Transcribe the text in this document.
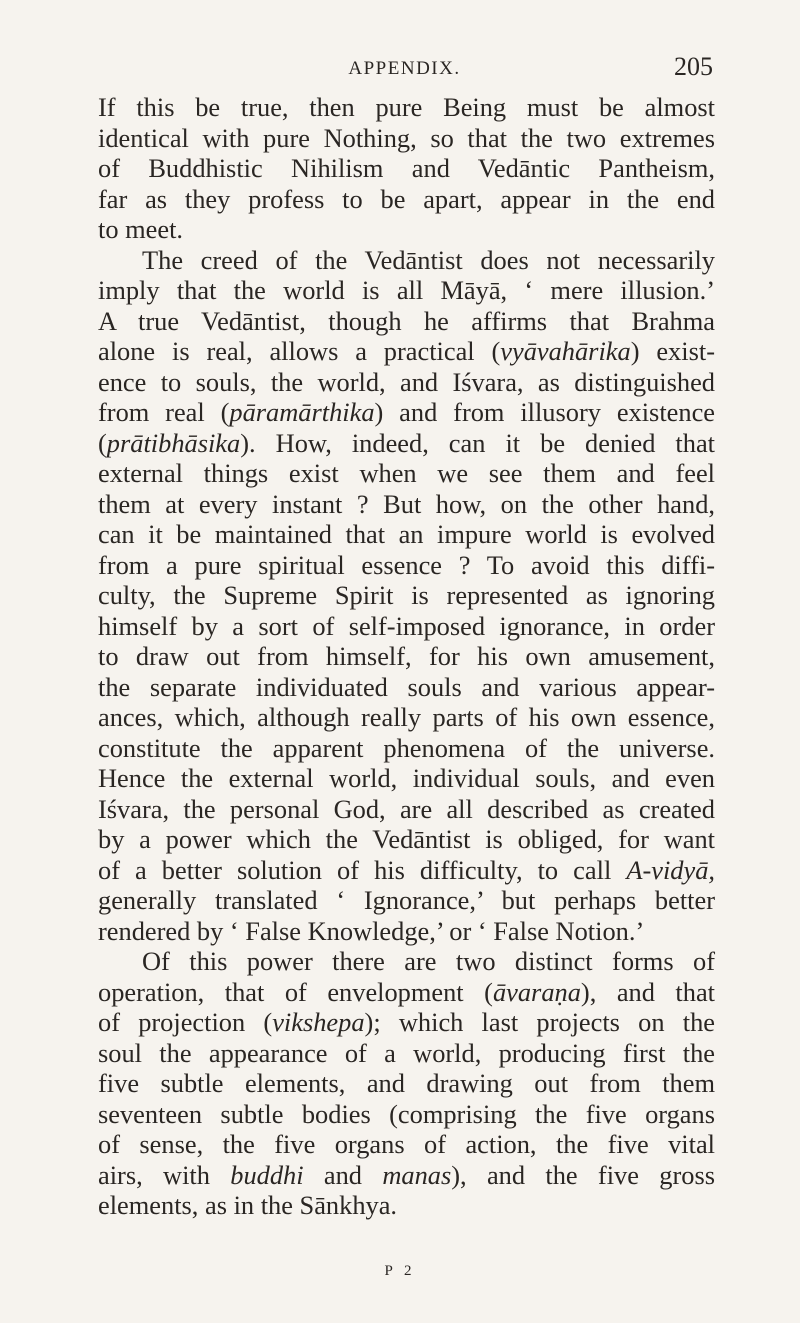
APPENDIX.	205
If this be true, then pure Being must be almost
identical with pure Nothing, so that the two extremes
of Buddhistic Nihilism and Vedāntic Pantheism,
far as they profess to be apart, appear in the end
to meet.
The creed of the Vedāntist does not necessarily
imply that the world is all Māyā, ‘ mere illusion.’
A true Vedāntist, though he affirms that Brahma
alone is real, allows a practical (vyāvahārika) exist-
ence to souls, the world, and Iśvara, as distinguished
from real (pāramārthika) and from illusory existence
(prātibhāsika). How, indeed, can it be denied that
external things exist when we see them and feel
them at every instant ? But how, on the other hand,
can it be maintained that an impure world is evolved
from a pure spiritual essence ? To avoid this diffi-
culty, the Supreme Spirit is represented as ignoring
himself by a sort of self-imposed ignorance, in order
to draw out from himself, for his own amusement,
the separate individuated souls and various appear-
ances, which, although really parts of his own essence,
constitute the apparent phenomena of the universe.
Hence the external world, individual souls, and even
Iśvara, the personal God, are all described as created
by a power which the Vedāntist is obliged, for want
of a better solution of his difficulty, to call A-vidyā,
generally translated ‘ Ignorance,’ but perhaps better
rendered by ‘ False Knowledge,’ or ‘ False Notion.’
Of this power there are two distinct forms of
operation, that of envelopment (āvaraṇa), and that
of projection (vikshepa); which last projects on the
soul the appearance of a world, producing first the
five subtle elements, and drawing out from them
seventeen subtle bodies (comprising the five organs
of sense, the five organs of action, the five vital
airs, with buddhi and manas), and the five gross
elements, as in the Sānkhya.
P 2
